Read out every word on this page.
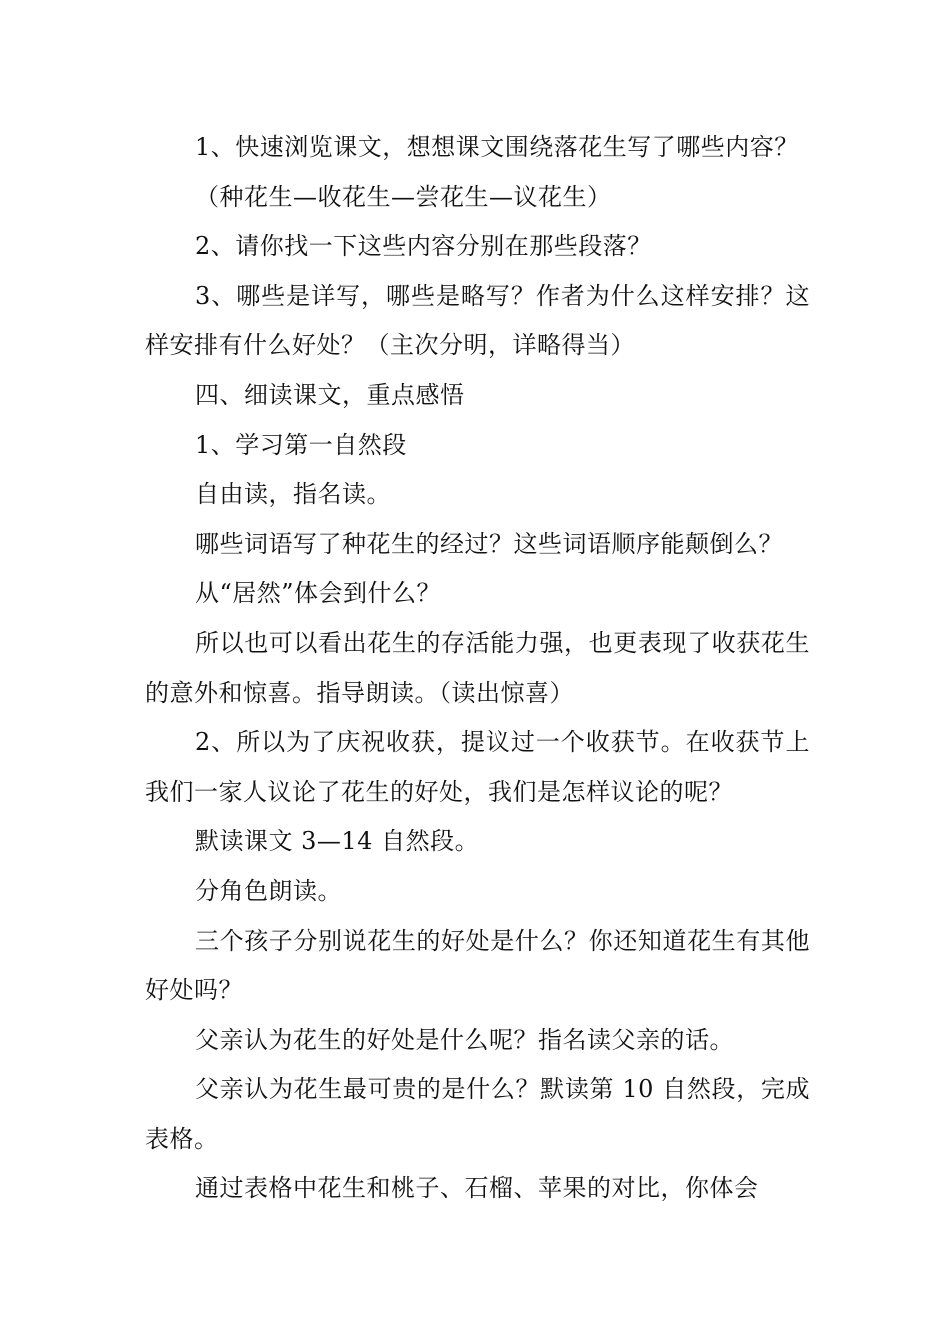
1、快速浏览课文，想想课文围绕落花生写了哪些内容？

（种花生—收花生—尝花生—议花生）

2、请你找一下这些内容分别在那些段落？

3、哪些是详写，哪些是略写？作者为什么这样安排？这样安排有什么好处？（主次分明，详略得当）

四、细读课文，重点感悟

1、学习第一自然段

自由读，指名读。

哪些词语写了种花生的经过？这些词语顺序能颠倒么？

从“居然”体会到什么？

所以也可以看出花生的存活能力强，也更表现了收获花生的意外和惊喜。指导朗读。（读出惊喜）

2、所以为了庆祝收获，提议过一个收获节。在收获节上我们一家人议论了花生的好处，我们是怎样议论的呢？

默读课文 3—14 自然段。

分角色朗读。

三个孩子分别说花生的好处是什么？你还知道花生有其他好处吗？

父亲认为花生的好处是什么呢？指名读父亲的话。

父亲认为花生最可贵的是什么？默读第 10 自然段，完成表格。

通过表格中花生和桃子、石榴、苹果的对比，你体会
